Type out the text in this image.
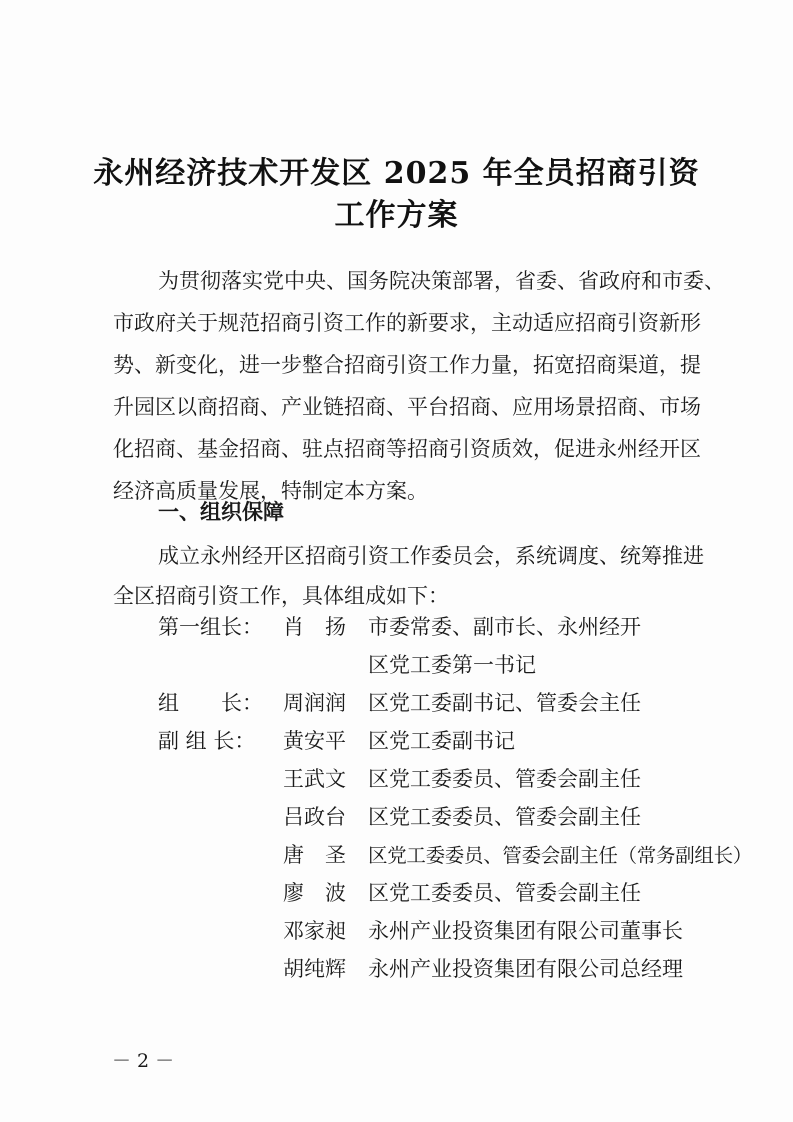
永州经济技术开发区 2025 年全员招商引资
工作方案
为贯彻落实党中央、国务院决策部署，省委、省政府和市委、
市政府关于规范招商引资工作的新要求，主动适应招商引资新形
势、新变化，进一步整合招商引资工作力量，拓宽招商渠道，提
升园区以商招商、产业链招商、平台招商、应用场景招商、市场
化招商、基金招商、驻点招商等招商引资质效，促进永州经开区
经济高质量发展，特制定本方案。
一、组织保障
成立永州经开区招商引资工作委员会，系统调度、统筹推进
全区招商引资工作，具体组成如下：
第一组长： 肖　扬 市委常委、副市长、永州经开
区党工委第一书记
组　　长： 周润润 区党工委副书记、管委会主任
副 组 长： 黄安平 区党工委副书记
王武文 区党工委委员、管委会副主任
吕政台 区党工委委员、管委会副主任
唐　圣 区党工委委员、管委会副主任（常务副组长）
廖　波 区党工委委员、管委会副主任
邓家昶 永州产业投资集团有限公司董事长
胡纯辉 永州产业投资集团有限公司总经理
－ 2 －
